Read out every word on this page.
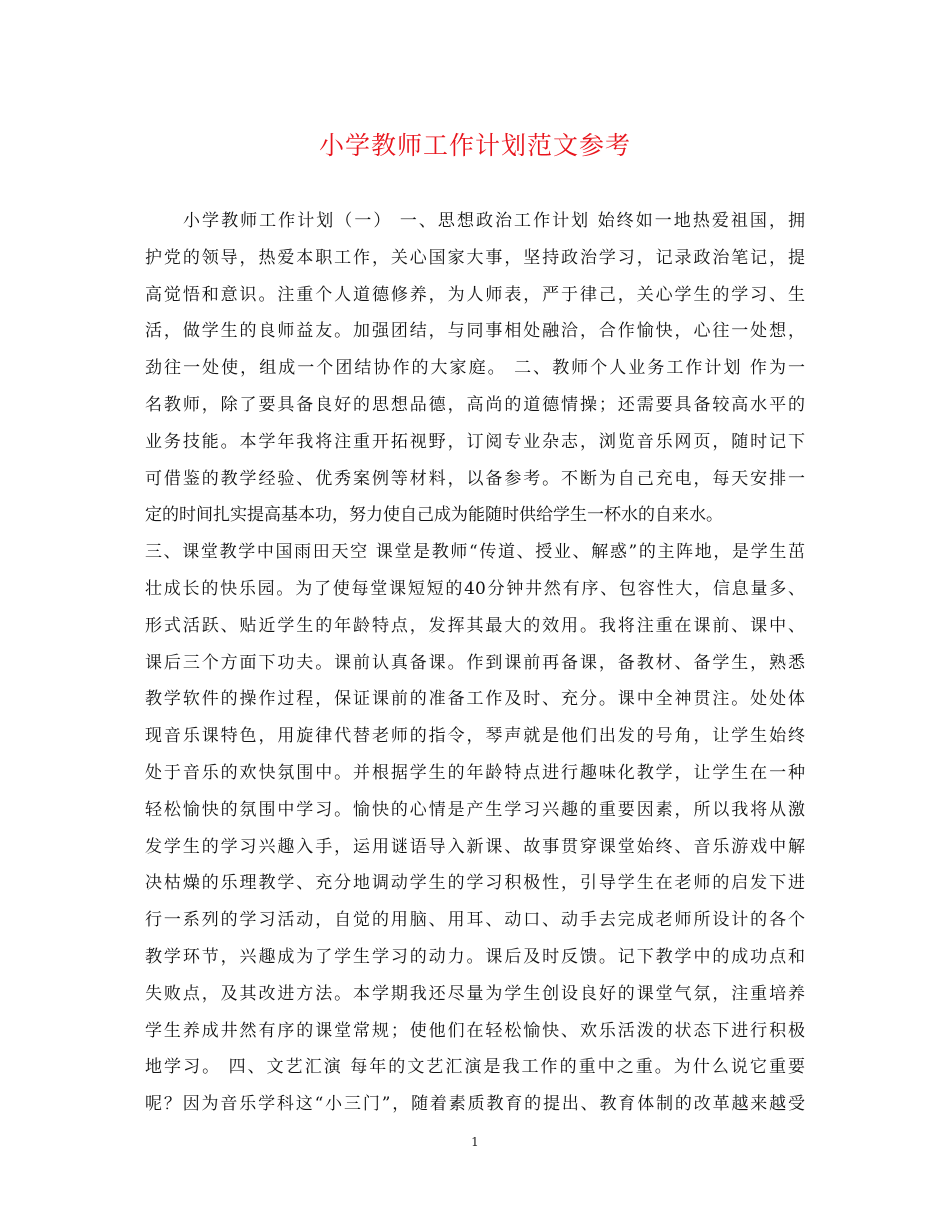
小学教师工作计划范文参考
小学教师工作计划（一） 一、思想政治工作计划 始终如一地热爱祖国，拥
护党的领导，热爱本职工作，关心国家大事，坚持政治学习，记录政治笔记，提
高觉悟和意识。注重个人道德修养，为人师表，严于律己，关心学生的学习、生
活，做学生的良师益友。加强团结，与同事相处融洽，合作愉快，心往一处想，
劲往一处使，组成一个团结协作的大家庭。 二、教师个人业务工作计划 作为一
名教师，除了要具备良好的思想品德，高尚的道德情操；还需要具备较高水平的
业务技能。本学年我将注重开拓视野，订阅专业杂志，浏览音乐网页，随时记下
可借鉴的教学经验、优秀案例等材料，以备参考。不断为自己充电，每天安排一
定的时间扎实提高基本功，努力使自己成为能随时供给学生一杯水的自来水。
三、课堂教学中国雨田天空 课堂是教师“传道、授业、解惑”的主阵地，是学生茁
壮成长的快乐园。为了使每堂课短短的40分钟井然有序、包容性大，信息量多、
形式活跃、贴近学生的年龄特点，发挥其最大的效用。我将注重在课前、课中、
课后三个方面下功夫。课前认真备课。作到课前再备课，备教材、备学生，熟悉
教学软件的操作过程，保证课前的准备工作及时、充分。课中全神贯注。处处体
现音乐课特色，用旋律代替老师的指令，琴声就是他们出发的号角，让学生始终
处于音乐的欢快氛围中。并根据学生的年龄特点进行趣味化教学，让学生在一种
轻松愉快的氛围中学习。愉快的心情是产生学习兴趣的重要因素，所以我将从激
发学生的学习兴趣入手，运用谜语导入新课、故事贯穿课堂始终、音乐游戏中解
决枯燥的乐理教学、充分地调动学生的学习积极性，引导学生在老师的启发下进
行一系列的学习活动，自觉的用脑、用耳、动口、动手去完成老师所设计的各个
教学环节，兴趣成为了学生学习的动力。课后及时反馈。记下教学中的成功点和
失败点，及其改进方法。本学期我还尽量为学生创设良好的课堂气氛，注重培养
学生养成井然有序的课堂常规；使他们在轻松愉快、欢乐活泼的状态下进行积极
地学习。 四、文艺汇演 每年的文艺汇演是我工作的重中之重。为什么说它重要
呢？因为音乐学科这“小三门”，随着素质教育的提出、教育体制的改革越来越受
1
